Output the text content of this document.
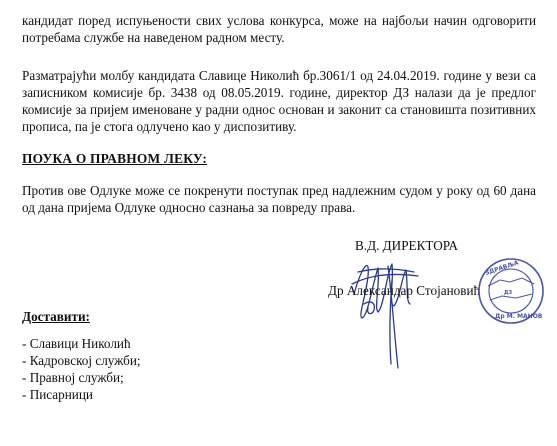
кандидат поред испуњености свих услова конкурса, може на најбољи начин одговорити потребама службе на наведеном радном месту.

Разматрајући молбу кандидата Славице Николић бр.3061/1 од 24.04.2019. године у вези са записником комисије бр. 3438 од 08.05.2019. године, директор ДЗ налази да је предлог комисије за пријем именоване у радни однос основан и законит са становишта позитивних прописа, па је стога одлучено као у диспозитиву.

ПОУКА О ПРАВНОМ ЛЕКУ:

Против ове Одлуке може се покренути поступак пред надлежним судом у року од 60 дана од дана пријема Одлуке односно сазнања за повреду права.

В.Д. ДИРЕКТОРА

Др Александар Стојановић

ЗДРАВЉА
Др М. МАНОВ
ДЗ

Доставити:

- Славици Николић
- Кадровској служби;
- Правној служби;
- Писарници
